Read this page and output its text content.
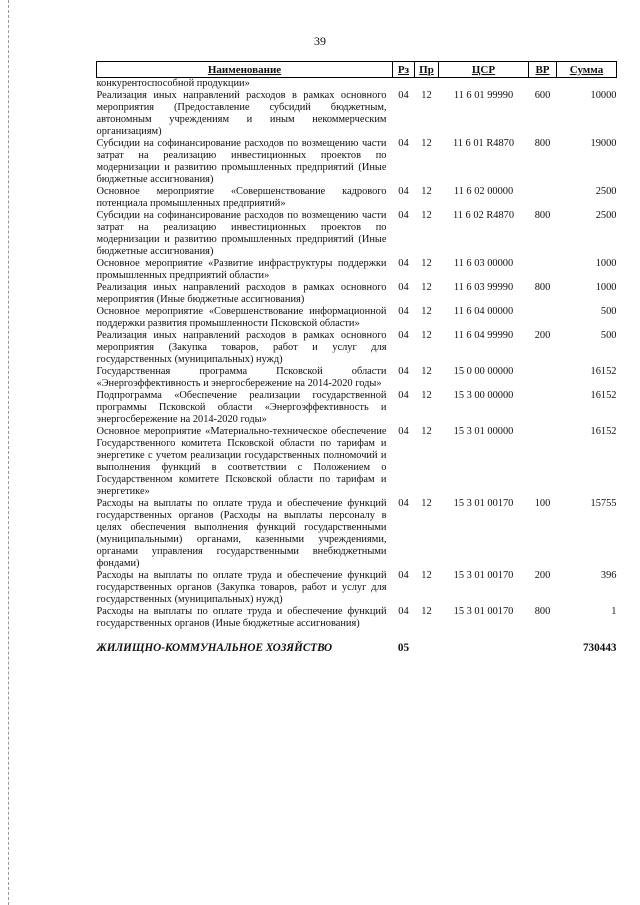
39
Наименование	Рз	Пр	ЦСР	ВР	Сумма
конкурентоспособной продукции»					
Реализация иных направлений расходов в рамках основного мероприятия (Предоставление субсидий бюджетным, автономным учреждениям и иным некоммерческим организациям)	04	12	11 6 01 99990	600	10000
Субсидии на софинансирование расходов по возмещению части затрат на реализацию инвестиционных проектов по модернизации и развитию промышленных предприятий (Иные бюджетные ассигнования)	04	12	11 6 01 R4870	800	19000
Основное мероприятие «Совершенствование кадрового потенциала промышленных предприятий»	04	12	11 6 02 00000		2500
Субсидии на софинансирование расходов по возмещению части затрат на реализацию инвестиционных проектов по модернизации и развитию промышленных предприятий (Иные бюджетные ассигнования)	04	12	11 6 02 R4870	800	2500
Основное мероприятие «Развитие инфраструктуры поддержки промышленных предприятий области»	04	12	11 6 03 00000		1000
Реализация иных направлений расходов в рамках основного мероприятия (Иные бюджетные ассигнования)	04	12	11 6 03 99990	800	1000
Основное мероприятие «Совершенствование информационной поддержки развития промышленности Псковской области»	04	12	11 6 04 00000		500
Реализация иных направлений расходов в рамках основного мероприятия (Закупка товаров, работ и услуг для государственных (муниципальных) нужд)	04	12	11 6 04 99990	200	500
Государственная программа Псковской области «Энергоэффективность и энергосбережение на 2014-2020 годы»	04	12	15 0 00 00000		16152
Подпрограмма «Обеспечение реализации государственной программы Псковской области «Энергоэффективность и энергосбережение на 2014-2020 годы»	04	12	15 3 00 00000		16152
Основное мероприятие «Материально-техническое обеспечение Государственного комитета Псковской области по тарифам и энергетике с учетом реализации государственных полномочий и выполнения функций в соответствии с Положением о Государственном комитете Псковской области по тарифам и энергетике»	04	12	15 3 01 00000		16152
Расходы на выплаты по оплате труда и обеспечение функций государственных органов (Расходы на выплаты персоналу в целях обеспечения выполнения функций государственными (муниципальными) органами, казенными учреждениями, органами управления государственными внебюджетными фондами)	04	12	15 3 01 00170	100	15755
Расходы на выплаты по оплате труда и обеспечение функций государственных органов (Закупка товаров, работ и услуг для государственных (муниципальных) нужд)	04	12	15 3 01 00170	200	396
Расходы на выплаты по оплате труда и обеспечение функций государственных органов (Иные бюджетные ассигнования)	04	12	15 3 01 00170	800	1
ЖИЛИЩНО-КОММУНАЛЬНОЕ ХОЗЯЙСТВО	05				730443
